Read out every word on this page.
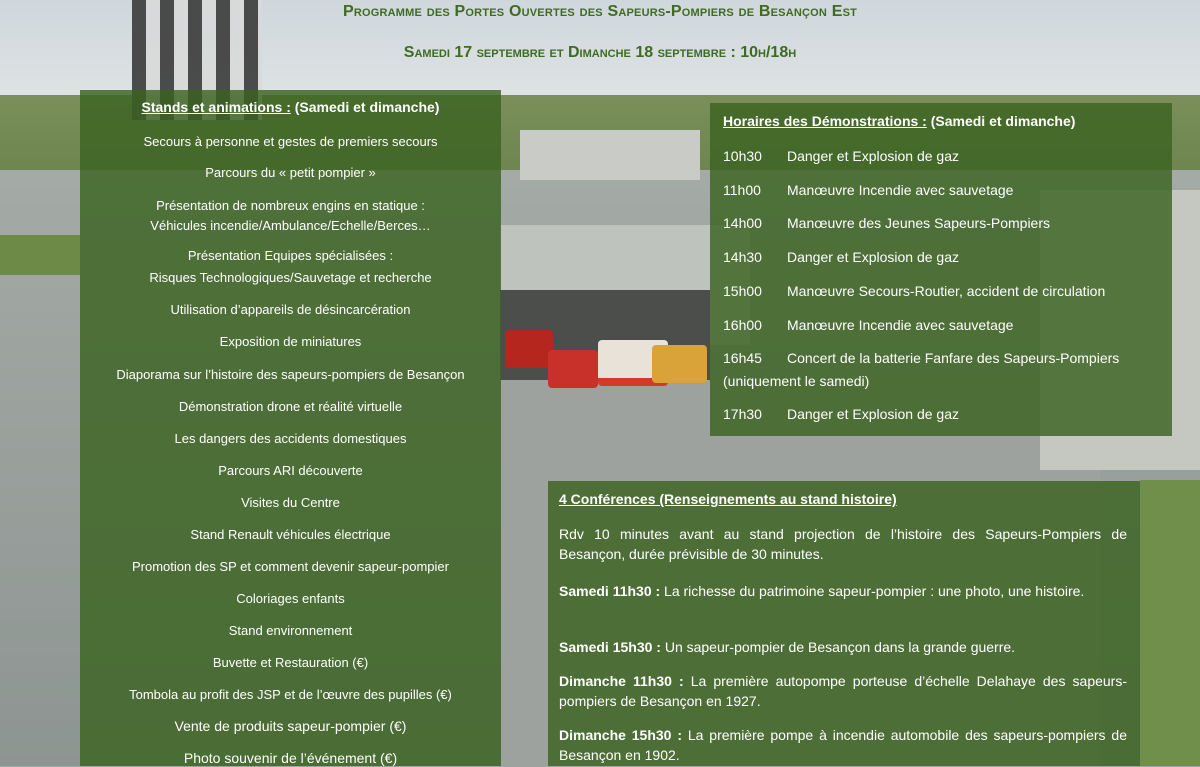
Programme des Portes Ouvertes des Sapeurs-Pompiers de Besançon Est
Samedi 17 septembre et Dimanche 18 septembre : 10h/18h
Stands et animations : (Samedi et dimanche)
Secours à personne et gestes de premiers secours
Parcours du « petit pompier »
Présentation de nombreux engins en statique :
Véhicules incendie/Ambulance/Echelle/Berces…
Présentation Equipes spécialisées :
Risques Technologiques/Sauvetage et recherche
Utilisation d’appareils de désincarcération
Exposition de miniatures
Diaporama sur l’histoire des sapeurs-pompiers de Besançon
Démonstration drone et réalité virtuelle
Les dangers des accidents domestiques
Parcours ARI découverte
Visites du Centre
Stand Renault véhicules électrique
Promotion des SP et comment devenir sapeur-pompier
Coloriages enfants
Stand environnement
Buvette et Restauration (€)
Tombola au profit des JSP et de l’œuvre des pupilles (€)
Vente de produits sapeur-pompier (€)
Photo souvenir de l’événement (€)
Horaires des Démonstrations : (Samedi et dimanche)
10h30 Danger et Explosion de gaz
11h00 Manœuvre Incendie avec sauvetage
14h00 Manœuvre des Jeunes Sapeurs-Pompiers
14h30 Danger et Explosion de gaz
15h00 Manœuvre Secours-Routier, accident de circulation
16h00 Manœuvre Incendie avec sauvetage
16h45 Concert de la batterie Fanfare des Sapeurs-Pompiers
(uniquement le samedi)
17h30 Danger et Explosion de gaz
4 Conférences (Renseignements au stand histoire)
Rdv 10 minutes avant au stand projection de l’histoire des Sapeurs-Pompiers de Besançon, durée prévisible de 30 minutes.
Samedi 11h30 : La richesse du patrimoine sapeur-pompier : une photo, une histoire.
Samedi 15h30 : Un sapeur-pompier de Besançon dans la grande guerre.
Dimanche 11h30 : La première autopompe porteuse d’échelle Delahaye des sapeurs-pompiers de Besançon en 1927.
Dimanche 15h30 : La première pompe à incendie automobile des sapeurs-pompiers de Besançon en 1902.
